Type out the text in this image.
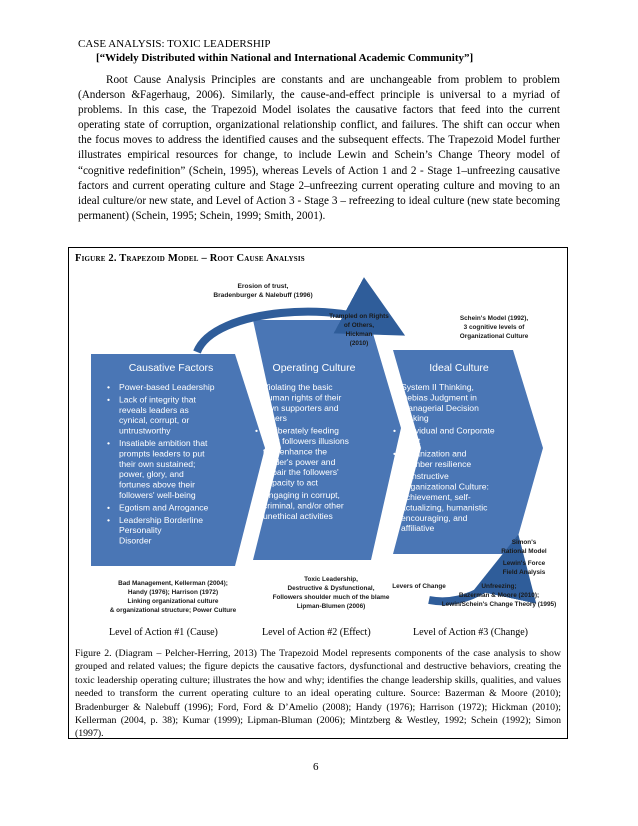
CASE ANALYSIS: TOXIC LEADERSHIP
[“Widely Distributed within National and International Academic Community”]

Root Cause Analysis Principles are constants and are unchangeable from problem to problem (Anderson &Fagerhaug, 2006). Similarly, the cause-and-effect principle is universal to a myriad of problems. In this case, the Trapezoid Model isolates the causative factors that feed into the current operating state of corruption, organizational relationship conflict, and failures. The shift can occur when the focus moves to address the identified causes and the subsequent effects. The Trapezoid Model further illustrates empirical resources for change, to include Lewin and Schein’s Change Theory model of “cognitive redefinition” (Schein, 1995), whereas Levels of Action 1 and 2 - Stage 1–unfreezing causative factors and current operating culture and Stage 2–unfreezing current operating culture and moving to an ideal culture/or new state, and Level of Action 3 - Stage 3 – refreezing to ideal culture (new state becoming permanent) (Schein, 1995; Schein, 1999; Smith, 2001).

Figure 2. Trapezoid Model – Root Cause Analysis
Erosion of trust, Bradenburger & Nalebuff (1996)
Trampled on Rights of Others, Hickman (2010)
Schein's Model (1992), 3 cognitive levels of Organizational Culture
Simon's Rational Model
Lewin's Force Field Analysis
Bad Management, Kellerman (2004); Handy (1976); Harrison (1972) Linking organizational culture & organizational structure; Power Culture
Toxic Leadership, Destructive & Dysfunctional, Followers shoulder much of the blame Lipman-Blumen (2006)
Levers of Change	Unfreezing; Bazerman & Moore (2010); Lewin/Schein's Change Theory (1995)
Causative Factors
• Power-based Leadership
• Lack of integrity that reveals leaders as cynical, corrupt, or untrustworthy
• Insatiable ambition that prompts leaders to put their own sustained; power, glory, and fortunes above their followers' well-being
• Egotism and Arrogance
• Leadership Borderline Personality Disorder
Operating Culture
• Violating the basic human rights of their own supporters and others
• Deliberately feeding their followers illusions that enhance the leader's power and impair the followers' capacity to act
• Engaging in corrupt, criminal, and/or other unethical activities
Ideal Culture
• System II Thinking, Debias Judgment in Managerial Decision Making
• Individual and Corporate Trust
• Organization and member resilience
• Constructive Organizational Culture: achievement, self-actualizing, humanistic encouraging, and affiliative
Level of Action #1 (Cause)	Level of Action #2 (Effect)	Level of Action #3 (Change)

Figure 2. (Diagram – Pelcher-Herring, 2013) The Trapezoid Model represents components of the case analysis to show grouped and related values; the figure depicts the causative factors, dysfunctional and destructive behaviors, creating the toxic leadership operating culture; illustrates the how and why; identifies the change leadership skills, qualities, and values needed to transform the current operating culture to an ideal operating culture. Source: Bazerman & Moore (2010); Bradenburger & Nalebuff (1996); Ford, Ford & D’Amelio (2008); Handy (1976); Harrison (1972); Hickman (2010); Kellerman (2004, p. 38); Kumar (1999); Lipman-Bluman (2006); Mintzberg & Westley, 1992; Schein (1992); Simon (1997).

6
